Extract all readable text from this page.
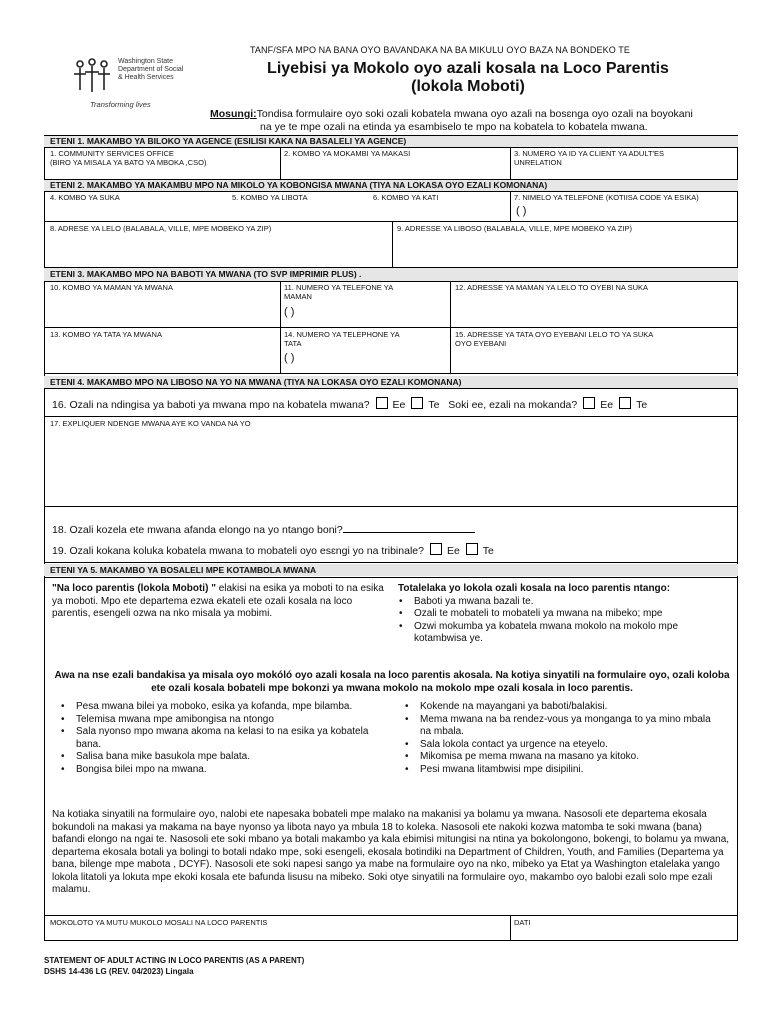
Washington State
Department of Social
& Health Services
Transforming lives
TANF/SFA MPO NA BANA OYO BAVANDAKA NA BA MIKULU OYO BAZA NA BONDEKO TE
Liyebisi ya Mokolo oyo azali kosala na Loco Parentis
(lokola Moboti)
Mosungi:Tondisa formulaire oyo soki ozali kobatela mwana oyo azali na bosɛnga oyo ozali na boyokani
na ye te mpe ozali na etinda ya esambiselo te mpo na kobatela to kobatela mwana.
ETENI 1. MAKAMBO YA BILOKO YA AGENCE (ESILISI KAKA NA BASALELI YA AGENCE)
1. COMMUNITY SERVICES OFFICE
(BIRO YA MISALA YA BATO YA MBOKA ,CSO)
2. KOMBO YA MOKAMBI YA MAKASI	3. NUMERO YA ID YA CLIENT YA ADULT'ES
UNRELATION
ETENI 2. MAKAMBO YA MAKAMBU MPO NA MIKOLO YA KOBONGISA MWANA (TIYA NA LOKASA OYO EZALI KOMONANA)
4. KOMBO YA SUKA	5. KOMBO YA LIBOTA	6. KOMBO YA KATI	7. NIMELO YA TELEFONE (KOTIISA CODE YA ESIKA)
( )
8. ADRESE YA LELO (BALABALA, VILLE, MPE MOBEKO YA ZIP)	9. ADRESSE YA LIBOSO (BALABALA, VILLE, MPE MOBEKO YA ZIP)
ETENI 3. MAKAMBO MPO NA BABOTI YA MWANA (TO SVP IMPRIMIR PLUS) .
10. KOMBO YA MAMAN YA MWANA	11. NUMERO YA TELEFONE YA
MAMAN
( )
12. ADRESSE YA MAMAN YA LELO TO OYEBI NA SUKA
13. KOMBO YA TATA YA MWANA	14. NUMERO YA TELEPHONE YA
TATA
( )
15. ADRESSE YA TATA OYO EYEBANI LELO TO YA SUKA
OYO EYEBANI
ETENI 4. MAKAMBO MPO NA LIBOSO NA YO NA MWANA (TIYA NA LOKASA OYO EZALI KOMONANA)
16. Ozali na ndingisa ya baboti ya mwana mpo na kobatela mwana? Ee Te Soki ee, ezali na mokanda? Ee Te
17. EXPLIQUER NDENGE MWANA AYE KO VANDA NA YO
18. Ozali kozela ete mwana afanda elongo na yo ntango boni?
19. Ozali kokana koluka kobatela mwana to mobateli oyo esɛngi yo na tribinale? Ee Te
ETENI YA 5. MAKAMBO YA BOSALELI MPE KOTAMBOLA MWANA
"Na loco parentis (lokola Moboti) " elakisi na esika ya moboti to na esika ya moboti. Mpo ete departema ezwa ekateli ete ozali kosala na loco parentis, esengeli ozwa na nko misala ya mobimi.
Totalelaka yo lokola ozali kosala na loco parentis ntango:
• Baboti ya mwana bazali te.
• Ozali te mobateli to mobateli ya mwana na mibeko; mpe
• Ozwi mokumba ya kobatela mwana mokolo na mokolo mpe kotambwisa ye.
Awa na nse ezali bandakisa ya misala oyo mokóló oyo azali kosala na loco parentis akosala. Na kotiya sinyatili na formulaire oyo, ozali koloba ete ozali kosala bobateli mpe bokonzi ya mwana mokolo na mokolo mpe ozali kosala in loco parentis.
• Pesa mwana bilei ya moboko, esika ya kofanda, mpe bilamba.
• Telemisa mwana mpe amibongisa na ntongo
• Sala nyonso mpo mwana akoma na kelasi to na esika ya kobatela bana.
• Salisa bana mike basukola mpe balata.
• Bongisa bilei mpo na mwana.
• Kokende na mayangani ya baboti/balakisi.
• Mema mwana na ba rendez-vous ya monganga to ya mino mbala na mbala.
• Sala lokola contact ya urgence na eteyelo.
• Mikomisa pe mema mwana na masano ya kitoko.
• Pesi mwana litambwisi mpe disipilini.
Na kotiaka sinyatili na formulaire oyo, nalobi ete napesaka bobateli mpe malako na makanisi ya bolamu ya mwana. Nasosoli ete departema ekosala bokundoli na makasi ya makama na baye nyonso ya libota nayo ya mbula 18 to koleka. Nasosoli ete nakoki kozwa matomba te soki mwana (bana) bafandi elongo na ngai te. Nasosoli ete soki mbano ya botali makambo ya kala ebimisi mitungisi na ntina ya bokolongono, bokengi, to bolamu ya mwana, departema ekosala botali ya bolingi to botali ndako mpe, soki esengeli, ekosala botindiki na Department of Children, Youth, and Families (Departema ya bana, bilenge mpe mabota , DCYF). Nasosoli ete soki napesi sango ya mabe na formulaire oyo na nko, mibeko ya Etat ya Washington etalelaka yango lokola litatoli ya lokuta mpe ekoki kosala ete bafunda lisusu na mibeko. Soki otye sinyatili na formulaire oyo, makambo oyo balobi ezali solo mpe ezali malamu.
MOKOLOTO YA MUTU MUKOLO MOSALI NA LOCO PARENTIS	DATI
STATEMENT OF ADULT ACTING IN LOCO PARENTIS (AS A PARENT)
DSHS 14-436 LG (REV. 04/2023) Lingala
